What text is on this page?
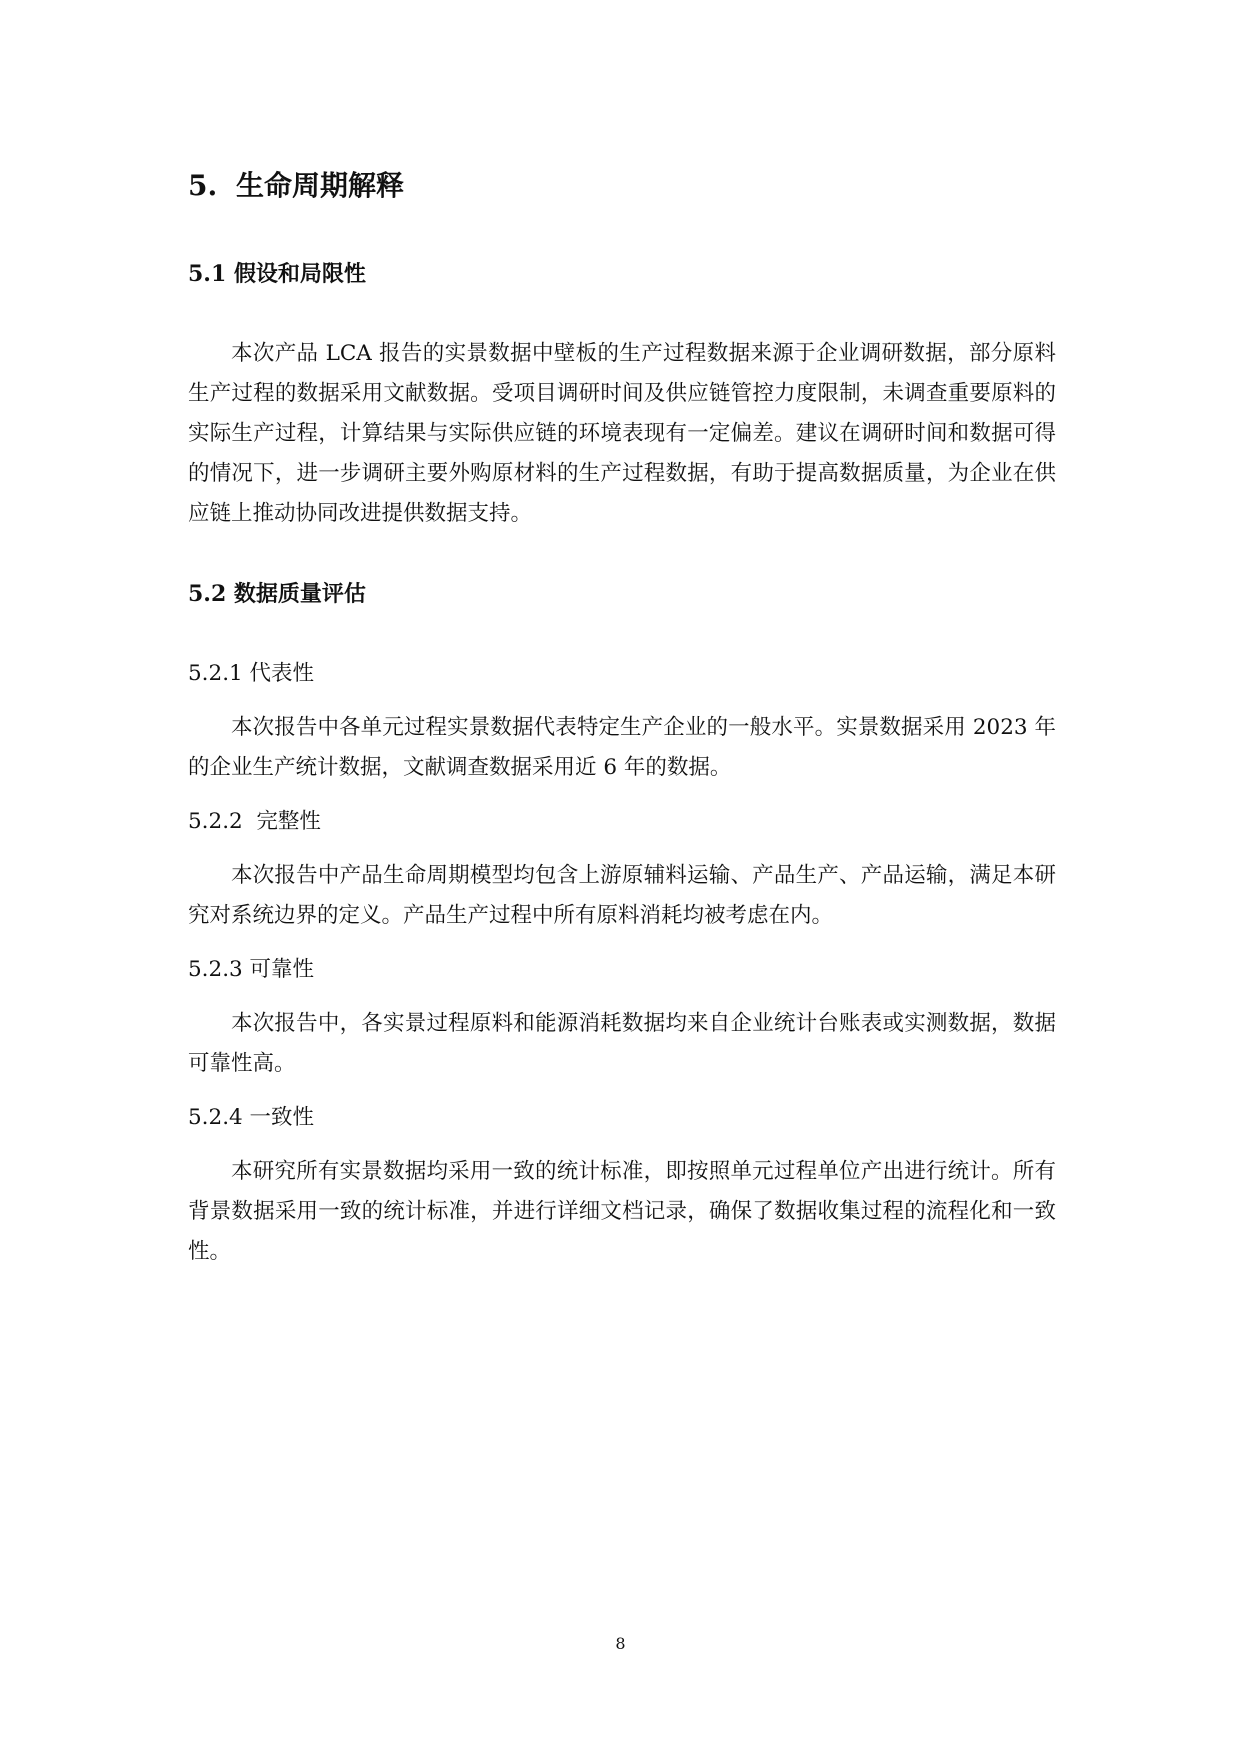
5. 生命周期解释
5.1 假设和局限性

本次产品 LCA 报告的实景数据中壁板的生产过程数据来源于企业调研数据，部分原料生产过程的数据采用文献数据。受项目调研时间及供应链管控力度限制，未调查重要原料的实际生产过程，计算结果与实际供应链的环境表现有一定偏差。建议在调研时间和数据可得的情况下，进一步调研主要外购原材料的生产过程数据，有助于提高数据质量，为企业在供应链上推动协同改进提供数据支持。

5.2 数据质量评估
5.2.1 代表性

本次报告中各单元过程实景数据代表特定生产企业的一般水平。实景数据采用 2023 年的企业生产统计数据，文献调查数据采用近 6 年的数据。

5.2.2  完整性

本次报告中产品生命周期模型均包含上游原辅料运输、产品生产、产品运输，满足本研究对系统边界的定义。产品生产过程中所有原料消耗均被考虑在内。

5.2.3 可靠性

本次报告中，各实景过程原料和能源消耗数据均来自企业统计台账表或实测数据，数据可靠性高。

5.2.4 一致性

本研究所有实景数据均采用一致的统计标准，即按照单元过程单位产出进行统计。所有背景数据采用一致的统计标准，并进行详细文档记录，确保了数据收集过程的流程化和一致性。

8
